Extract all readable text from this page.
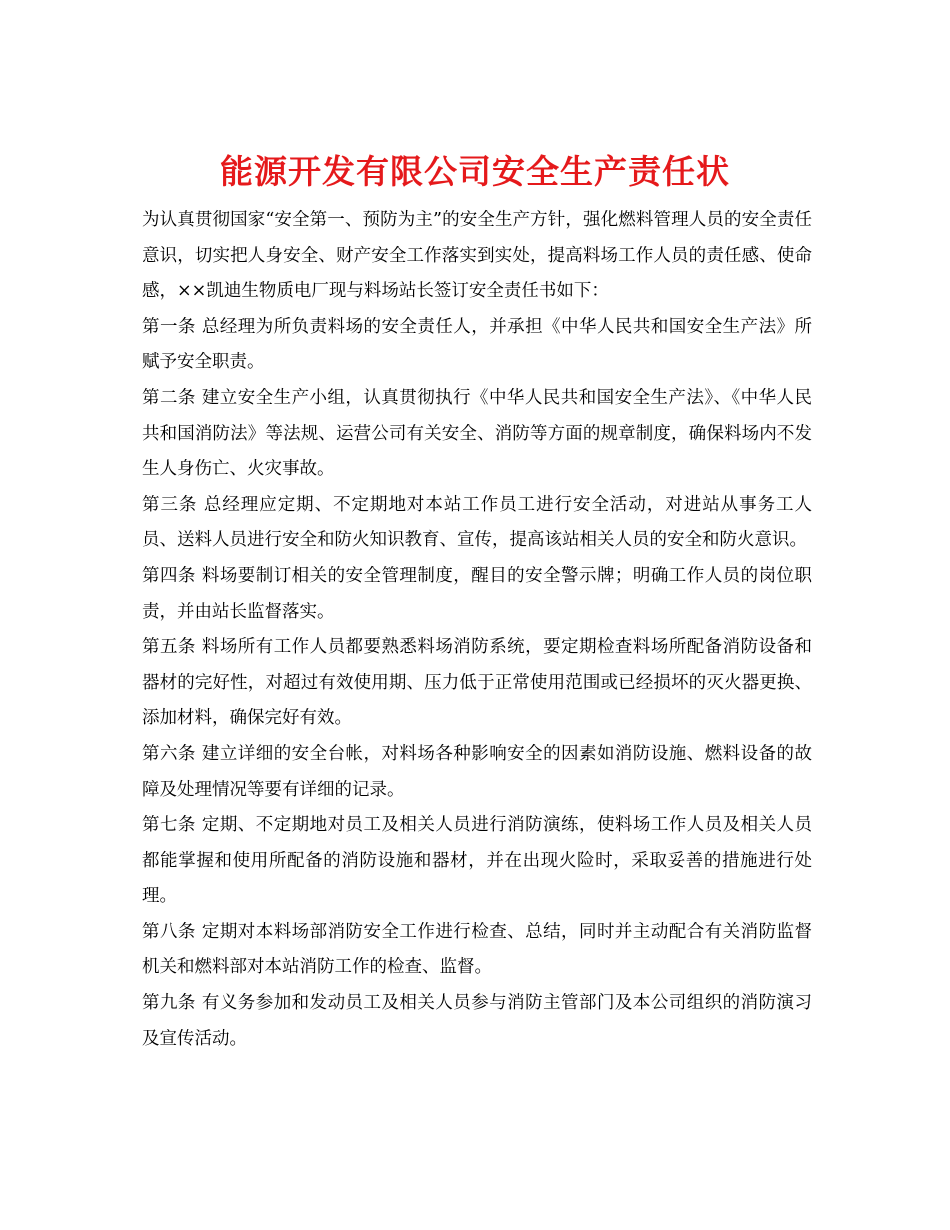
能源开发有限公司安全生产责任状

为认真贯彻国家“安全第一、预防为主”的安全生产方针，强化燃料管理人员的安全责任意识，切实把人身安全、财产安全工作落实到实处，提高料场工作人员的责任感、使命感，××凯迪生物质电厂现与料场站长签订安全责任书如下：

第一条 总经理为所负责料场的安全责任人，并承担《中华人民共和国安全生产法》所赋予安全职责。

第二条 建立安全生产小组，认真贯彻执行《中华人民共和国安全生产法》、《中华人民共和国消防法》等法规、运营公司有关安全、消防等方面的规章制度，确保料场内不发生人身伤亡、火灾事故。

第三条 总经理应定期、不定期地对本站工作员工进行安全活动，对进站从事务工人员、送料人员进行安全和防火知识教育、宣传，提高该站相关人员的安全和防火意识。

第四条 料场要制订相关的安全管理制度，醒目的安全警示牌；明确工作人员的岗位职责，并由站长监督落实。

第五条 料场所有工作人员都要熟悉料场消防系统，要定期检查料场所配备消防设备和器材的完好性，对超过有效使用期、压力低于正常使用范围或已经损坏的灭火器更换、添加材料，确保完好有效。

第六条 建立详细的安全台帐，对料场各种影响安全的因素如消防设施、燃料设备的故障及处理情况等要有详细的记录。

第七条 定期、不定期地对员工及相关人员进行消防演练，使料场工作人员及相关人员都能掌握和使用所配备的消防设施和器材，并在出现火险时，采取妥善的措施进行处理。

第八条 定期对本料场部消防安全工作进行检查、总结，同时并主动配合有关消防监督机关和燃料部对本站消防工作的检查、监督。

第九条 有义务参加和发动员工及相关人员参与消防主管部门及本公司组织的消防演习及宣传活动。
